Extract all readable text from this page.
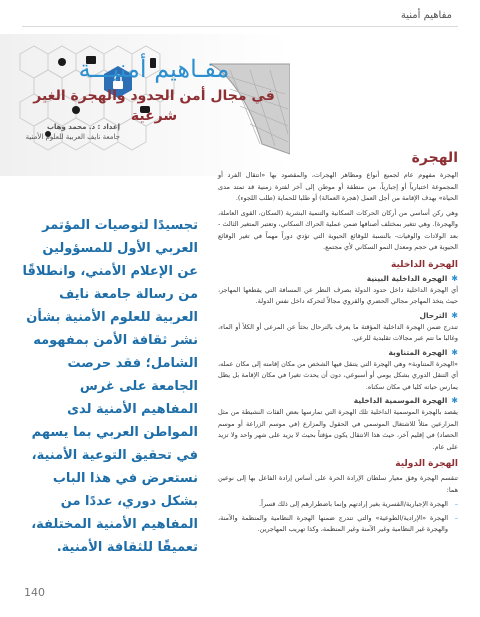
مفاهيم أمنية
مفـاهيم أمنيـــة
في مجال أمن الحدود والهجرة الغير شرعية
إعداد : د. محمد وهاب
جامعة نايف العربية للعلوم الأمنية
الهجرة

الهجرة مفهوم عام لجميع أنواع ومظاهر الهجرات، والمقصود بها «انتقال الفرد أو المجموعة اختيارياً أو إجبارياً، من منطقة أو موطن إلى آخر لفترة زمنية قد تمتد مدى الحياة» بهدف الإقامة من أجل العمل (هجرة العمالة) أو طلبا للحماية (طلب اللجوء).

وهي ركن أساسي من أركان الحركات السكانية والتنمية البشرية (السكان، القوى العاملة، والهجرة). وهي تتغير بمختلف أصنافها ضمن عملية الحراك السكاني، وتعتبر المتغير الثالث - بعد الولادات والوفيات- بالنسبة للوقائع الحيوية التي تؤدي دوراً مهماً في تغير الوقائع الحيوية في حجم ومعدل النمو السكاني لأي مجتمع.

الهجرة الداخلية
✱
الهجرة الداخلية البينية

أي الهجرة الداخلية داخل حدود الدولة بصرف النظر عن المسافة التي يقطعها المهاجر، حيث يتخذ المهاجر مجالي الحضري والقروي مجالاً لتحركه داخل نفس الدولة.

✱
الترحال

تندرج ضمن الهجرة الداخلية المؤقتة ما يعرف بالترحال بحثاً عن المرعى أو الكلأ أو الماء، وغالبا ما تتم عبر مجالات تقليدية للرعي.

✱
الهجرة المتناوبة

«الهجرة المتناوبة» وهي الهجرة التي يتنقل فيها الشخص من مكان إقامته إلى مكان عمله، أي التنقل الدوري بشكل يومي أو أسبوعي، دون أن يحدث تغيرا في مكان الإقامة بل يظل يمارس حياته كليا في مكان سكناه.

✱
الهجرة الموسمية الداخلية

يقصد بالهجرة الموسمية الداخلية تلك الهجرة التي تمارسها بعض الفئات النشيطة من مثل المزارعين مثلاً للاشتغال الموسمي في الحقول والمزارع (في موسم الزراعة أو موسم الحصاد) في إقليم آخر، حيث هذا الانتقال يكون مؤقتاً بحيث لا يزيد على شهر واحد ولا تزيد على عام.

الهجرة الدولية

تنقسم الهجرة وفق معيار سلطان الإرادة الحرة على أساس إرادة الفاعل بها إلى نوعين هما:

– الهجرة الإجبارية/القسرية بغير إرادتهم وإنما باضطرارهم إلى ذلك قسراً.
– الهجرة «الإرادية/الطوعية» والتي تندرج ضمنها الهجرة النظامية والمنظمة والآمنة، والهجرة غير النظامية وغير الآمنة وغير المنظمة، وكذا تهريب المهاجرين.
تجسيدًا لتوصيات المؤتمر العربي الأول للمسؤولين عن الإعلام الأمني، وانطلاقًا من رسالة جامعة نايف العربية للعلوم الأمنية بشأن نشر ثقافة الأمن بمفهومه الشامل؛ فقد حرصت الجامعة على غرس المفاهيم الأمنية لدى المواطن العربي بما يسهم في تحقيق التوعية الأمنية، نستعرض في هذا الباب بشكل دوري، عددًا من المفاهيم الأمنية المختلفة، تعميقًا للثقافة الأمنية.
140
